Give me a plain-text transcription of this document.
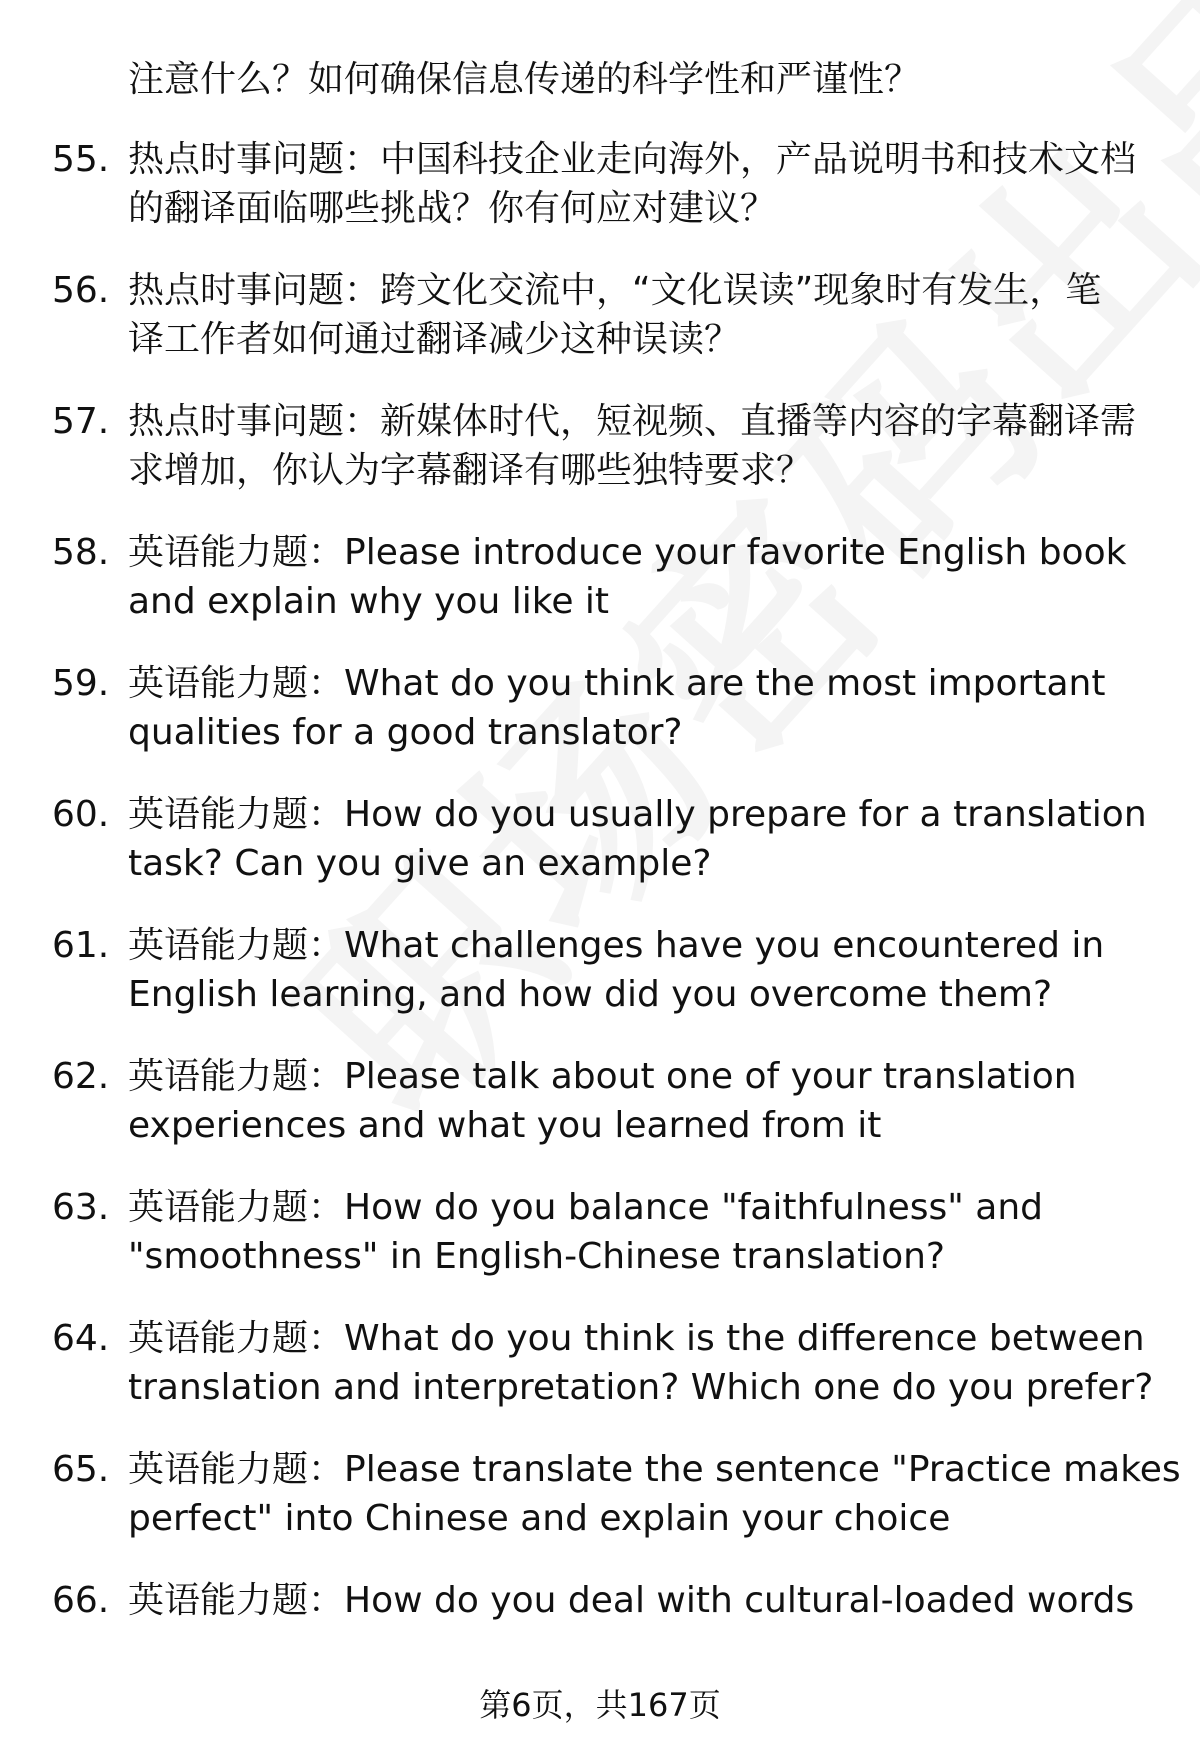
注意什么？如何确保信息传递的科学性和严谨性？
55. 热点时事问题：中国科技企业走向海外，产品说明书和技术文档
的翻译面临哪些挑战？你有何应对建议？
56. 热点时事问题：跨文化交流中，“文化误读”现象时有发生，笔
译工作者如何通过翻译减少这种误读？
57. 热点时事问题：新媒体时代，短视频、直播等内容的字幕翻译需
求增加，你认为字幕翻译有哪些独特要求？
58. 英语能力题：Please introduce your favorite English book
and explain why you like it
59. 英语能力题：What do you think are the most important
qualities for a good translator?
60. 英语能力题：How do you usually prepare for a translation
task? Can you give an example?
61. 英语能力题：What challenges have you encountered in
English learning, and how did you overcome them?
62. 英语能力题：Please talk about one of your translation
experiences and what you learned from it
63. 英语能力题：How do you balance "faithfulness" and
"smoothness" in English-Chinese translation?
64. 英语能力题：What do you think is the difference between
translation and interpretation? Which one do you prefer?
65. 英语能力题：Please translate the sentence "Practice makes
perfect" into Chinese and explain your choice
66. 英语能力题：How do you deal with cultural-loaded words
第6页，共167页
